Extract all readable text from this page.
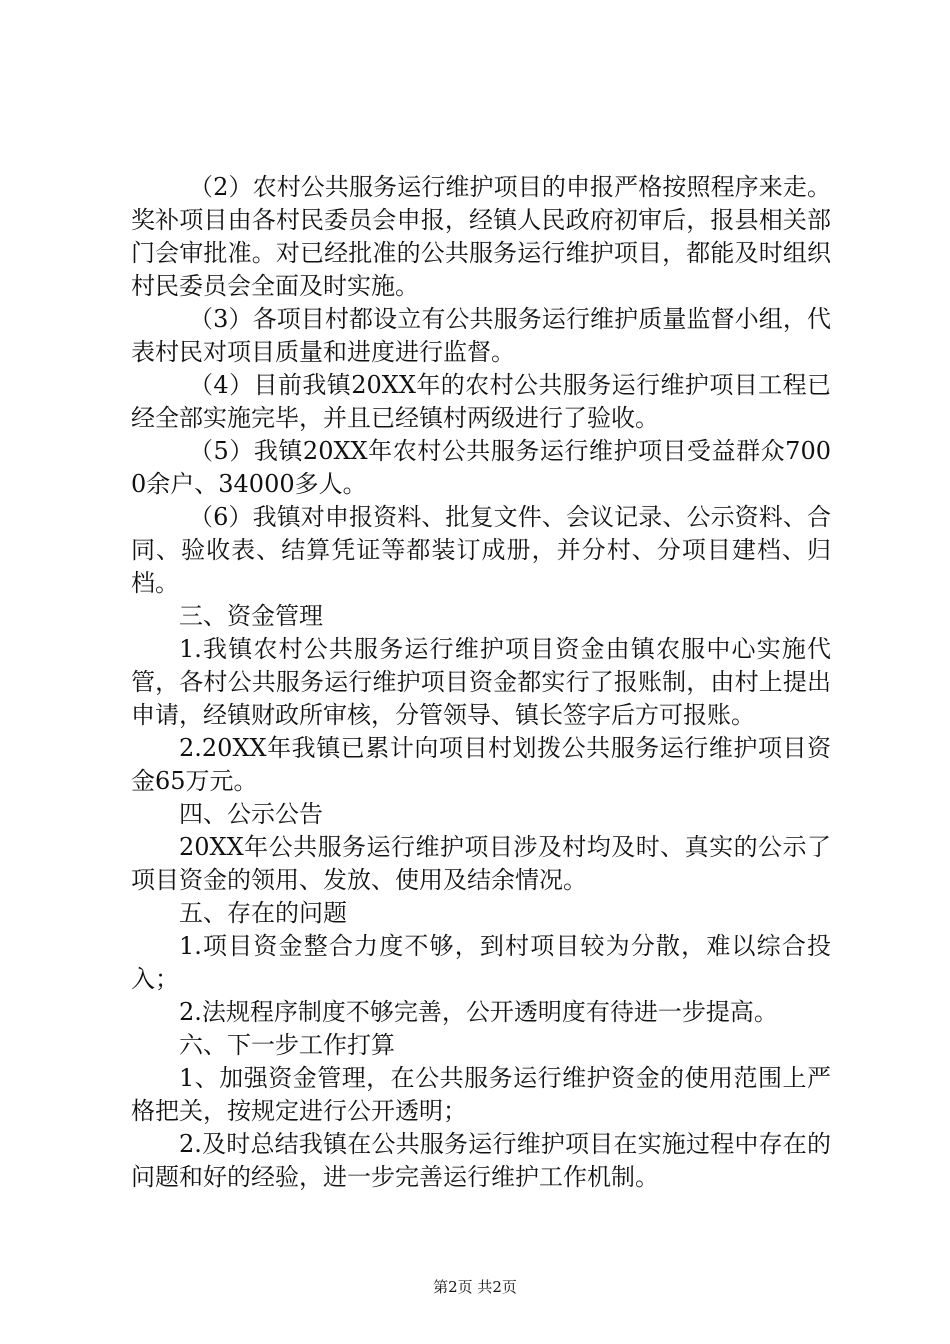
（2）农村公共服务运行维护项目的申报严格按照程序来走。奖补项目由各村民委员会申报，经镇人民政府初审后，报县相关部门会审批准。对已经批准的公共服务运行维护项目，都能及时组织村民委员会全面及时实施。

（3）各项目村都设立有公共服务运行维护质量监督小组，代表村民对项目质量和进度进行监督。

（4）目前我镇20XX年的农村公共服务运行维护项目工程已经全部实施完毕，并且已经镇村两级进行了验收。

（5）我镇20XX年农村公共服务运行维护项目受益群众7000余户、34000多人。

（6）我镇对申报资料、批复文件、会议记录、公示资料、合同、验收表、结算凭证等都装订成册，并分村、分项目建档、归档。

三、资金管理

1.我镇农村公共服务运行维护项目资金由镇农服中心实施代管，各村公共服务运行维护项目资金都实行了报账制，由村上提出申请，经镇财政所审核，分管领导、镇长签字后方可报账。

2.20XX年我镇已累计向项目村划拨公共服务运行维护项目资金65万元。

四、公示公告

20XX年公共服务运行维护项目涉及村均及时、真实的公示了项目资金的领用、发放、使用及结余情况。

五、存在的问题

1.项目资金整合力度不够，到村项目较为分散，难以综合投入；

2.法规程序制度不够完善，公开透明度有待进一步提高。

六、下一步工作打算

1、加强资金管理，在公共服务运行维护资金的使用范围上严格把关，按规定进行公开透明；

2.及时总结我镇在公共服务运行维护项目在实施过程中存在的问题和好的经验，进一步完善运行维护工作机制。

第2页 共2页
